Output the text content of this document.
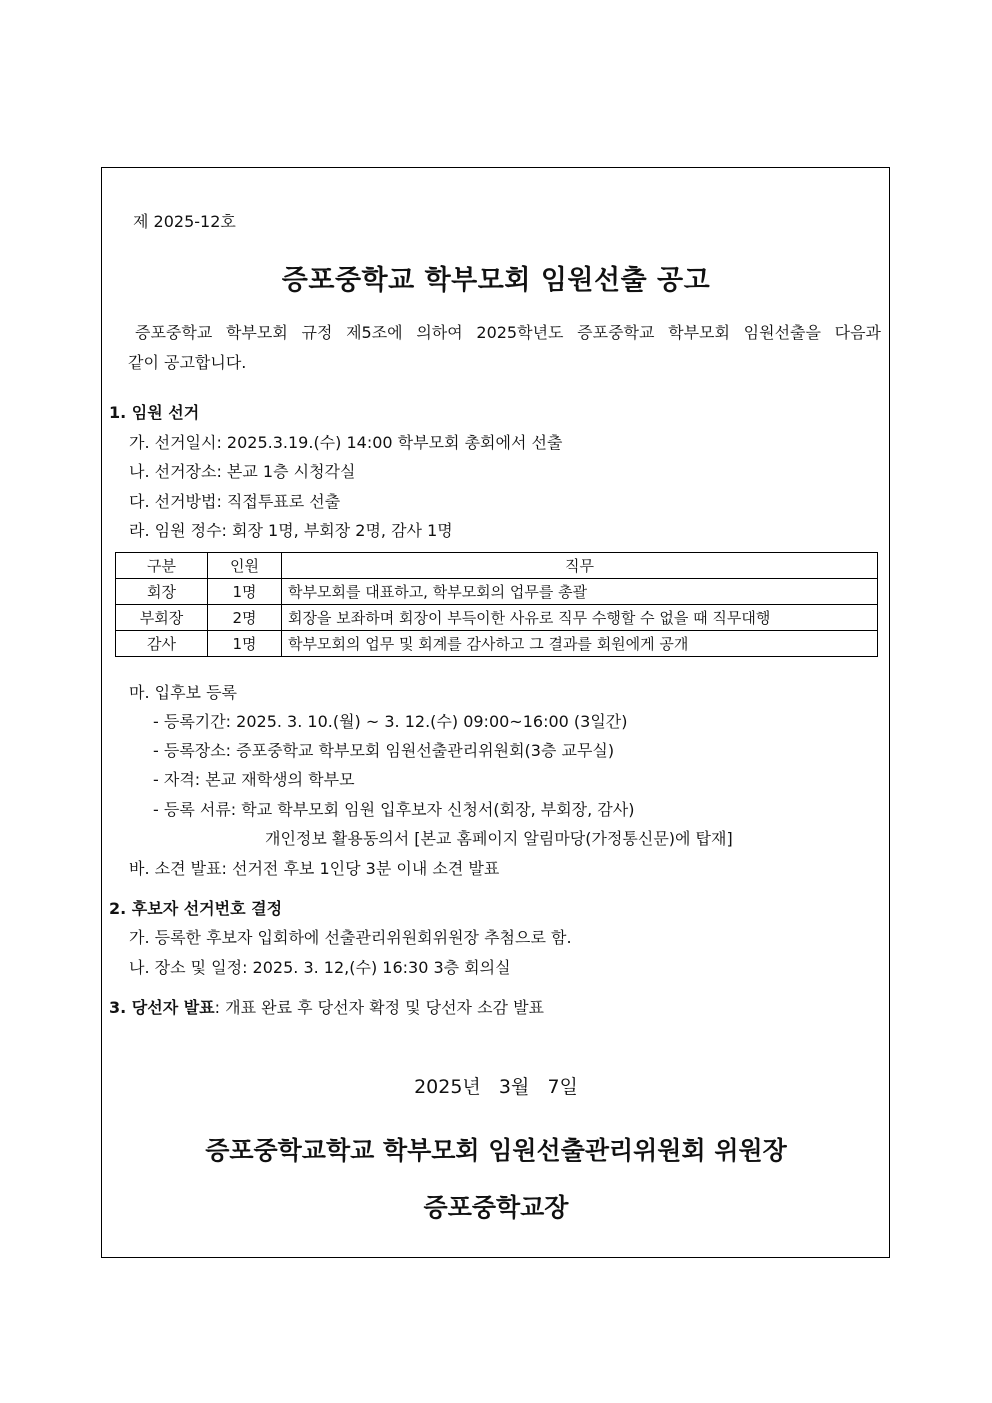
제 2025-12호
증포중학교 학부모회 임원선출 공고
증포중학교 학부모회 규정 제5조에 의하여 2025학년도 증포중학교 학부모회 임원선출을 다음과
같이 공고합니다.
1. 임원 선거
가. 선거일시: 2025.3.19.(수) 14:00 학부모회 총회에서 선출
나. 선거장소: 본교 1층 시청각실
다. 선거방법: 직접투표로 선출
라. 임원 정수: 회장 1명, 부회장 2명, 감사 1명
구분	인원	직무
회장	1명	학부모회를 대표하고, 학부모회의 업무를 총괄
부회장	2명	회장을 보좌하며 회장이 부득이한 사유로 직무 수행할 수 없을 때 직무대행
감사	1명	학부모회의 업무 및 회계를 감사하고 그 결과를 회원에게 공개
마. 입후보 등록
- 등록기간: 2025. 3. 10.(월) ~ 3. 12.(수) 09:00~16:00 (3일간)
- 등록장소: 증포중학교 학부모회 임원선출관리위원회(3층 교무실)
- 자격: 본교 재학생의 학부모
- 등록 서류: 학교 학부모회 임원 입후보자 신청서(회장, 부회장, 감사)
개인정보 활용동의서 [본교 홈페이지 알림마당(가정통신문)에 탑재]
바. 소견 발표: 선거전 후보 1인당 3분 이내 소견 발표
2. 후보자 선거번호 결정
가. 등록한 후보자 입회하에 선출관리위원회위원장 추첨으로 함.
나. 장소 및 일정: 2025. 3. 12,(수) 16:30 3층 회의실
3. 당선자 발표: 개표 완료 후 당선자 확정 및 당선자 소감 발표
2025년   3월   7일
증포중학교학교 학부모회 임원선출관리위원회 위원장
증포중학교장
